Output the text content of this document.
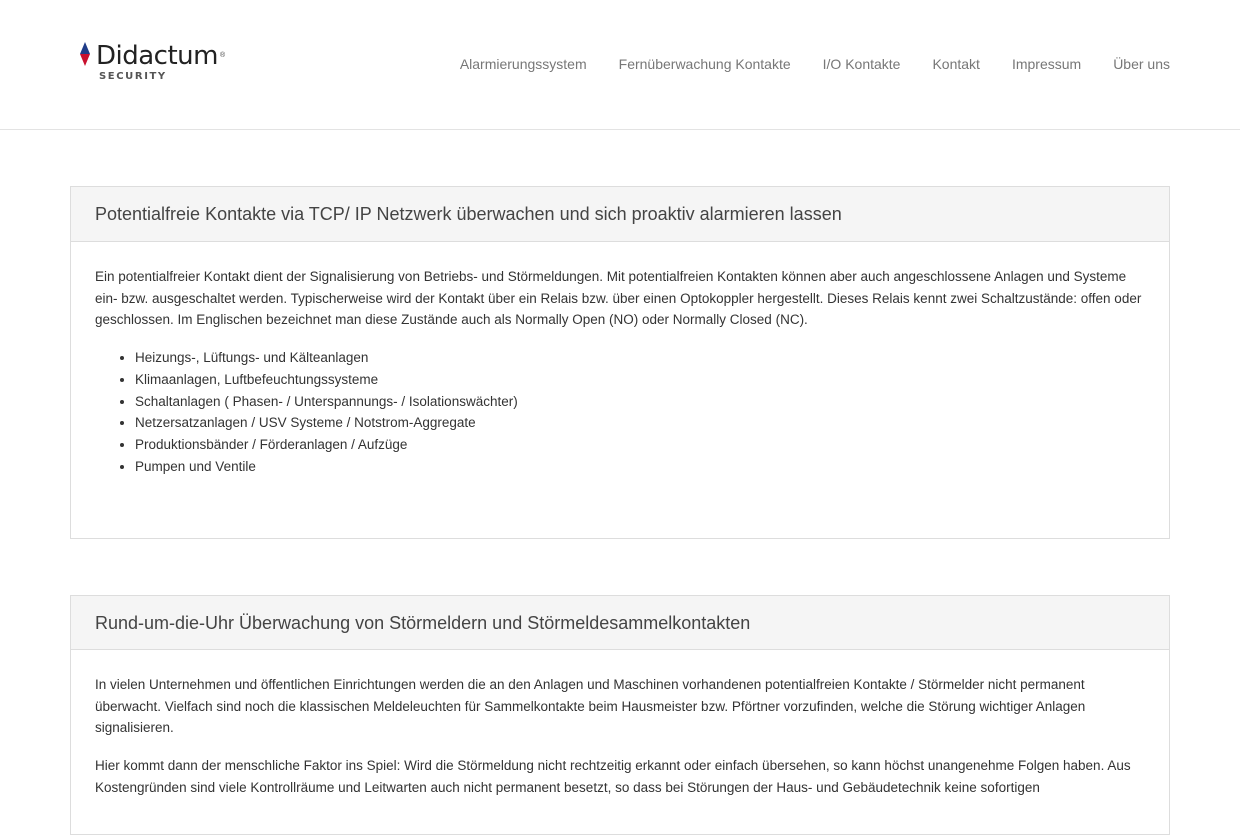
Didactum ®
SECURITY
Alarmierungssystem Fernüberwachung Kontakte I/O Kontakte Kontakt Impressum Über uns
Potentialfreie Kontakte via TCP/ IP Netzwerk überwachen und sich proaktiv alarmieren lassen

Ein potentialfreier Kontakt dient der Signalisierung von Betriebs- und Störmeldungen. Mit potentialfreien Kontakten können aber auch angeschlossene Anlagen und Systeme ein- bzw. ausgeschaltet werden. Typischerweise wird der Kontakt über ein Relais bzw. über einen Optokoppler hergestellt. Dieses Relais kennt zwei Schaltzustände: offen oder geschlossen. Im Englischen bezeichnet man diese Zustände auch als Normally Open (NO) oder Normally Closed (NC).

• Heizungs-, Lüftungs- und Kälteanlagen
• Klimaanlagen, Luftbefeuchtungssysteme
• Schaltanlagen ( Phasen- / Unterspannungs- / Isolationswächter)
• Netzersatzanlagen / USV Systeme / Notstrom-Aggregate
• Produktionsbänder / Förderanlagen / Aufzüge
• Pumpen und Ventile
Rund-um-die-Uhr Überwachung von Störmeldern und Störmeldesammelkontakten

In vielen Unternehmen und öffentlichen Einrichtungen werden die an den Anlagen und Maschinen vorhandenen potentialfreien Kontakte / Störmelder nicht permanent überwacht. Vielfach sind noch die klassischen Meldeleuchten für Sammelkontakte beim Hausmeister bzw. Pförtner vorzufinden, welche die Störung wichtiger Anlagen signalisieren.

Hier kommt dann der menschliche Faktor ins Spiel: Wird die Störmeldung nicht rechtzeitig erkannt oder einfach übersehen, so kann höchst unangenehme Folgen haben. Aus Kostengründen sind viele Kontrollräume und Leitwarten auch nicht permanent besetzt, so dass bei Störungen der Haus- und Gebäudetechnik keine sofortigen
